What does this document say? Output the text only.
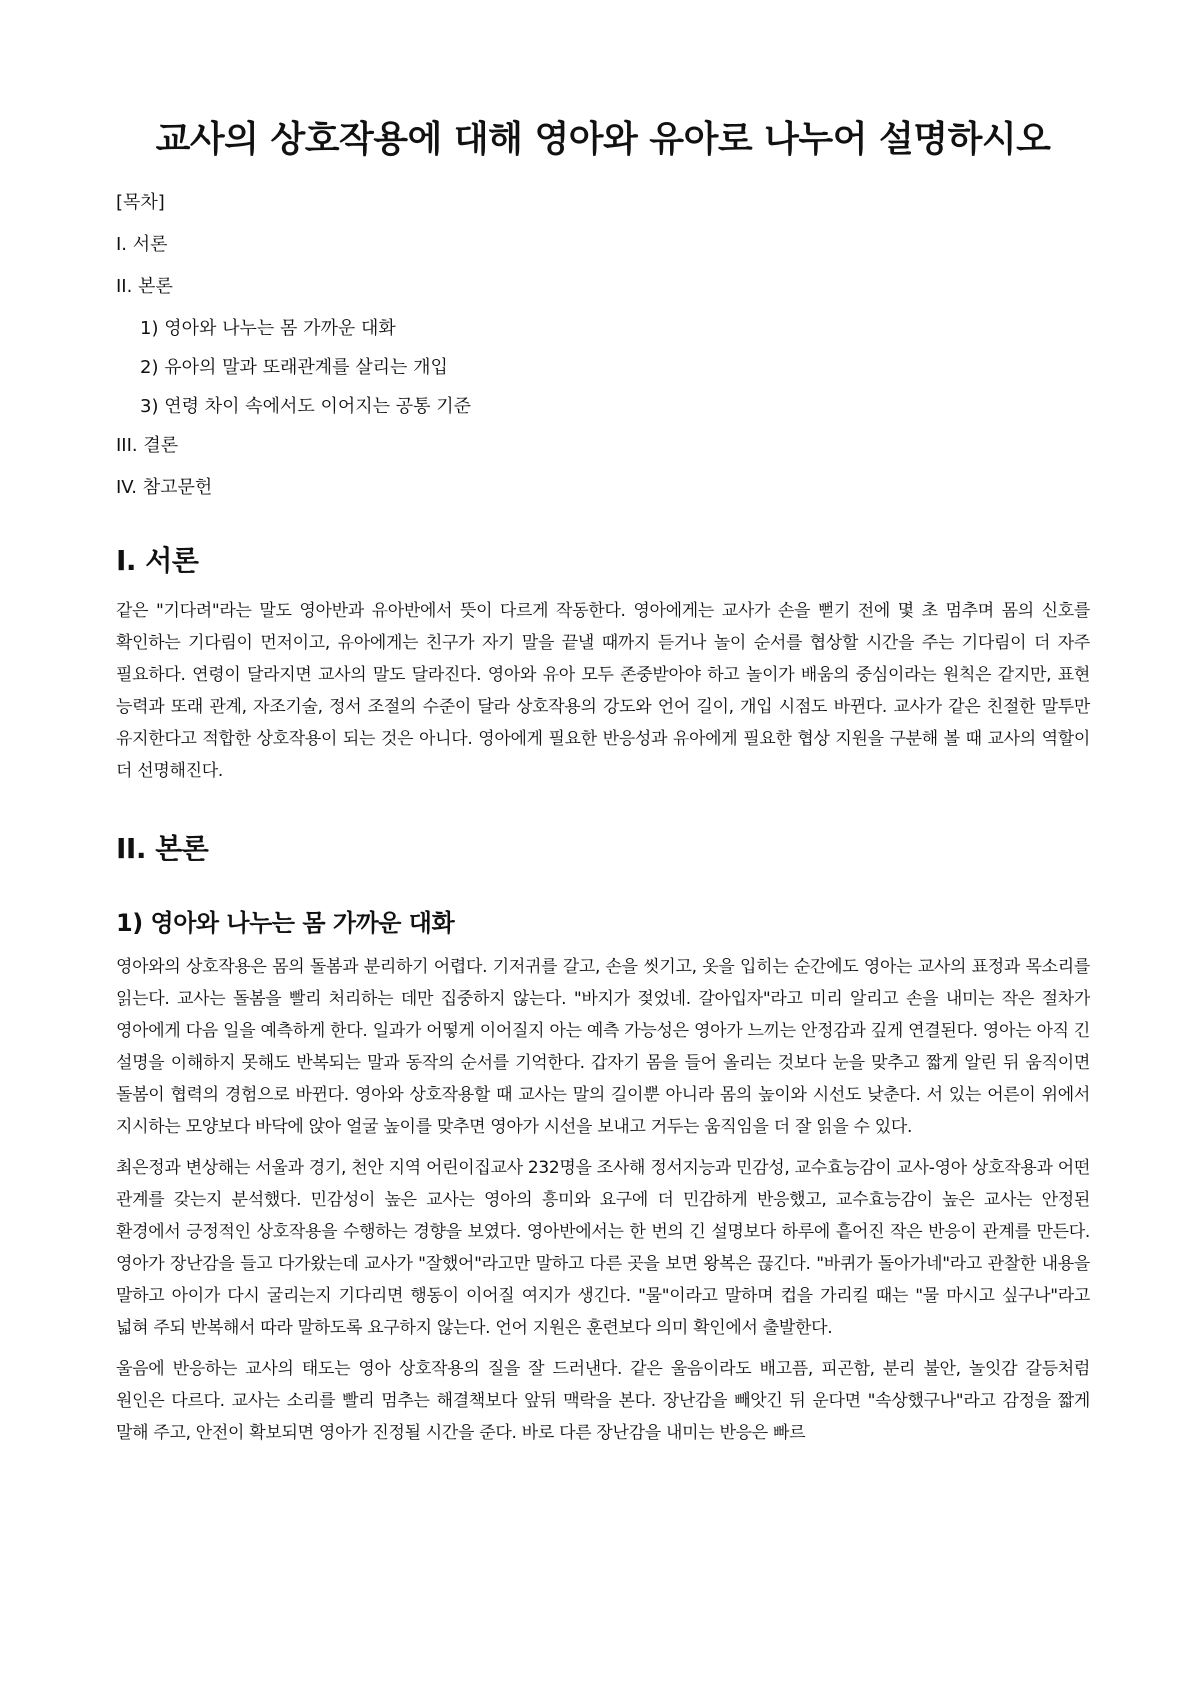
교사의 상호작용에 대해 영아와 유아로 나누어 설명하시오
[목차]
I. 서론
II. 본론
1) 영아와 나누는 몸 가까운 대화
2) 유아의 말과 또래관계를 살리는 개입
3) 연령 차이 속에서도 이어지는 공통 기준
III. 결론
IV. 참고문헌
I. 서론

같은 "기다려"라는 말도 영아반과 유아반에서 뜻이 다르게 작동한다. 영아에게는 교사가 손을 뻗기 전에 몇 초 멈추며 몸의 신호를 확인하는 기다림이 먼저이고, 유아에게는 친구가 자기 말을 끝낼 때까지 듣거나 놀이 순서를 협상할 시간을 주는 기다림이 더 자주 필요하다. 연령이 달라지면 교사의 말도 달라진다. 영아와 유아 모두 존중받아야 하고 놀이가 배움의 중심이라는 원칙은 같지만, 표현 능력과 또래 관계, 자조기술, 정서 조절의 수준이 달라 상호작용의 강도와 언어 길이, 개입 시점도 바뀐다. 교사가 같은 친절한 말투만 유지한다고 적합한 상호작용이 되는 것은 아니다. 영아에게 필요한 반응성과 유아에게 필요한 협상 지원을 구분해 볼 때 교사의 역할이 더 선명해진다.

II. 본론
1) 영아와 나누는 몸 가까운 대화

영아와의 상호작용은 몸의 돌봄과 분리하기 어렵다. 기저귀를 갈고, 손을 씻기고, 옷을 입히는 순간에도 영아는 교사의 표정과 목소리를 읽는다. 교사는 돌봄을 빨리 처리하는 데만 집중하지 않는다. "바지가 젖었네. 갈아입자"라고 미리 알리고 손을 내미는 작은 절차가 영아에게 다음 일을 예측하게 한다. 일과가 어떻게 이어질지 아는 예측 가능성은 영아가 느끼는 안정감과 깊게 연결된다. 영아는 아직 긴 설명을 이해하지 못해도 반복되는 말과 동작의 순서를 기억한다. 갑자기 몸을 들어 올리는 것보다 눈을 맞추고 짧게 알린 뒤 움직이면 돌봄이 협력의 경험으로 바뀐다. 영아와 상호작용할 때 교사는 말의 길이뿐 아니라 몸의 높이와 시선도 낮춘다. 서 있는 어른이 위에서 지시하는 모양보다 바닥에 앉아 얼굴 높이를 맞추면 영아가 시선을 보내고 거두는 움직임을 더 잘 읽을 수 있다.

최은정과 변상해는 서울과 경기, 천안 지역 어린이집교사 232명을 조사해 정서지능과 민감성, 교수효능감이 교사-영아 상호작용과 어떤 관계를 갖는지 분석했다. 민감성이 높은 교사는 영아의 흥미와 요구에 더 민감하게 반응했고, 교수효능감이 높은 교사는 안정된 환경에서 긍정적인 상호작용을 수행하는 경향을 보였다. 영아반에서는 한 번의 긴 설명보다 하루에 흩어진 작은 반응이 관계를 만든다. 영아가 장난감을 들고 다가왔는데 교사가 "잘했어"라고만 말하고 다른 곳을 보면 왕복은 끊긴다. "바퀴가 돌아가네"라고 관찰한 내용을 말하고 아이가 다시 굴리는지 기다리면 행동이 이어질 여지가 생긴다. "물"이라고 말하며 컵을 가리킬 때는 "물 마시고 싶구나"라고 넓혀 주되 반복해서 따라 말하도록 요구하지 않는다. 언어 지원은 훈련보다 의미 확인에서 출발한다.

울음에 반응하는 교사의 태도는 영아 상호작용의 질을 잘 드러낸다. 같은 울음이라도 배고픔, 피곤함, 분리 불안, 놀잇감 갈등처럼 원인은 다르다. 교사는 소리를 빨리 멈추는 해결책보다 앞뒤 맥락을 본다. 장난감을 빼앗긴 뒤 운다면 "속상했구나"라고 감정을 짧게 말해 주고, 안전이 확보되면 영아가 진정될 시간을 준다. 바로 다른 장난감을 내미는 반응은 빠르
